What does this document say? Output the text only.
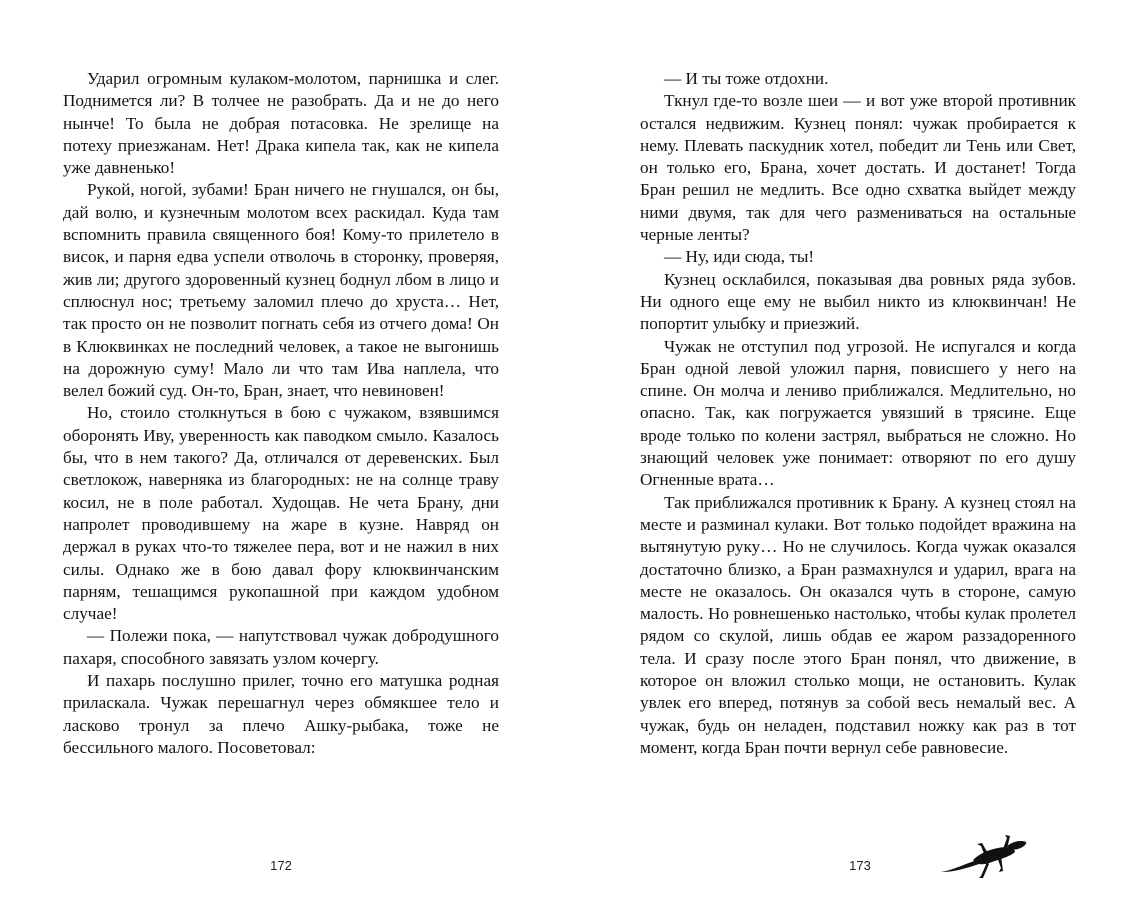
Ударил огромным кулаком-молотом, парнишка и слег. Поднимется ли? В толчее не разобрать. Да и не до него нынче! То была не добрая потасовка. Не зрелище на потеху приезжанам. Нет! Драка кипела так, как не кипела уже давненько!

Рукой, ногой, зубами! Бран ничего не гнушался, он бы, дай волю, и кузнечным молотом всех раскидал. Куда там вспомнить правила священного боя! Кому-то прилетело в висок, и парня едва успели отволочь в сторонку, проверяя, жив ли; другого здоровенный кузнец боднул лбом в лицо и сплюснул нос; третьему заломил плечо до хруста… Нет, так просто он не позволит погнать себя из отчего дома! Он в Клюквинках не последний человек, а такое не выгонишь на дорожную суму! Мало ли что там Ива наплела, что велел божий суд. Он-то, Бран, знает, что невиновен!

Но, стоило столкнуться в бою с чужаком, взявшимся оборонять Иву, уверенность как паводком смыло. Казалось бы, что в нем такого? Да, отличался от деревенских. Был светлокож, наверняка из благородных: не на солнце траву косил, не в поле работал. Худощав. Не чета Брану, дни напролет проводившему на жаре в кузне. Навряд он держал в руках что-то тяжелее пера, вот и не нажил в них силы. Однако же в бою давал фору клюквинчанским парням, тешащимся рукопашной при каждом удобном случае!

— Полежи пока, — напутствовал чужак добродушного пахаря, способного завязать узлом кочергу.

И пахарь послушно прилег, точно его матушка родная приласкала. Чужак перешагнул через обмякшее тело и ласково тронул за плечо Ашку-рыбака, тоже не бессильного малого. Посоветовал:

— И ты тоже отдохни.

Ткнул где-то возле шеи — и вот уже второй противник остался недвижим. Кузнец понял: чужак пробирается к нему. Плевать паскудник хотел, победит ли Тень или Свет, он только его, Брана, хочет достать. И достанет! Тогда Бран решил не медлить. Все одно схватка выйдет между ними двумя, так для чего размениваться на остальные черные ленты?

— Ну, иди сюда, ты!

Кузнец осклабился, показывая два ровных ряда зубов. Ни одного еще ему не выбил никто из клюквинчан! Не попортит улыбку и приезжий.

Чужак не отступил под угрозой. Не испугался и когда Бран одной левой уложил парня, повисшего у него на спине. Он молча и лениво приближался. Медлительно, но опасно. Так, как погружается увязший в трясине. Еще вроде только по колени застрял, выбраться не сложно. Но знающий человек уже понимает: отворяют по его душу Огненные врата…

Так приближался противник к Брану. А кузнец стоял на месте и разминал кулаки. Вот только подойдет вражина на вытянутую руку… Но не случилось. Когда чужак оказался достаточно близко, а Бран размахнулся и ударил, врага на месте не оказалось. Он оказался чуть в стороне, самую малость. Но ровнешенько настолько, чтобы кулак пролетел рядом со скулой, лишь обдав ее жаром раззадоренного тела. И сразу после этого Бран понял, что движение, в которое он вложил столько мощи, не остановить. Кулак увлек его вперед, потянув за собой весь немалый вес. А чужак, будь он неладен, подставил ножку как раз в тот момент, когда Бран почти вернул себе равновесие.

172	173
